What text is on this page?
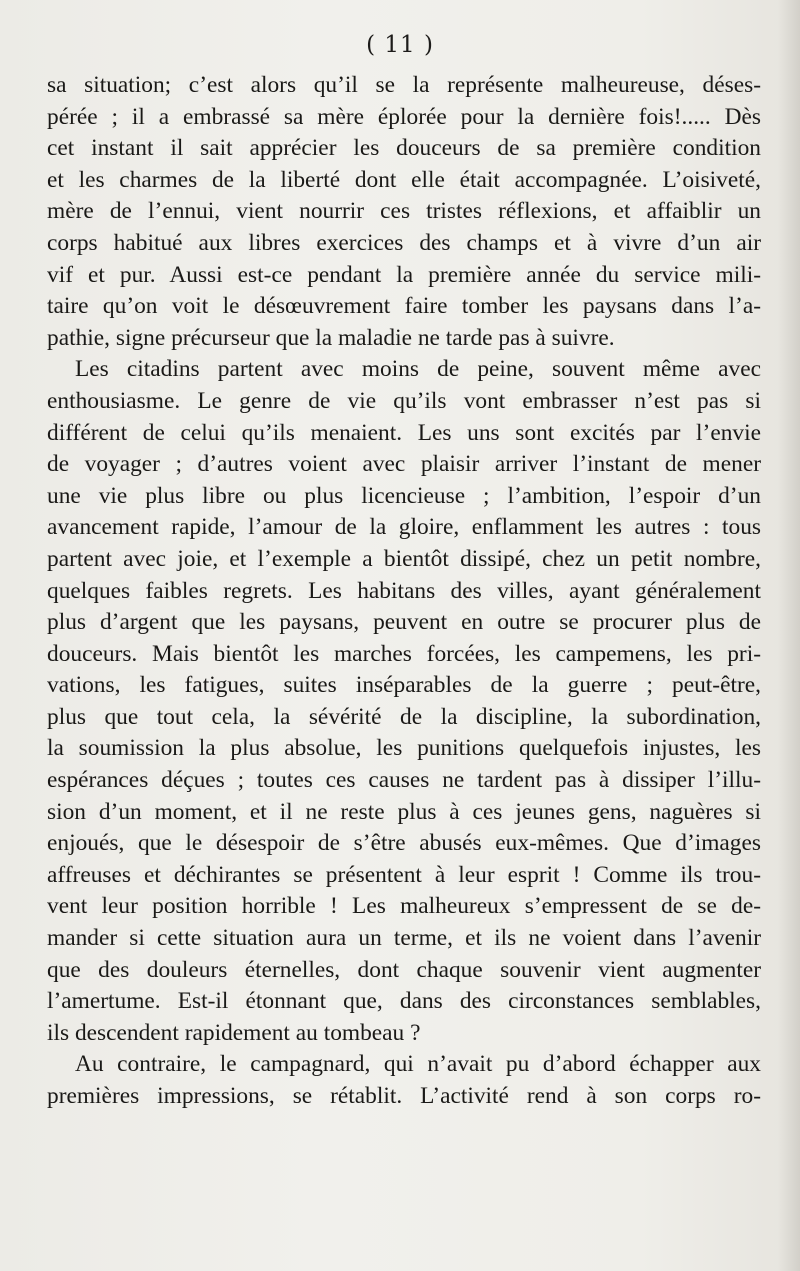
( 11 )
sa situation; c’est alors qu’il se la représente malheureuse, déses-
pérée ; il a embrassé sa mère éplorée pour la dernière fois!..... Dès
cet instant il sait apprécier les douceurs de sa première condition
et les charmes de la liberté dont elle était accompagnée. L’oisiveté,
mère de l’ennui, vient nourrir ces tristes réflexions, et affaiblir un
corps habitué aux libres exercices des champs et à vivre d’un air
vif et pur. Aussi est-ce pendant la première année du service mili-
taire qu’on voit le désœuvrement faire tomber les paysans dans l’a-
pathie, signe précurseur que la maladie ne tarde pas à suivre.
Les citadins partent avec moins de peine, souvent même avec
enthousiasme. Le genre de vie qu’ils vont embrasser n’est pas si
différent de celui qu’ils menaient. Les uns sont excités par l’envie
de voyager ; d’autres voient avec plaisir arriver l’instant de mener
une vie plus libre ou plus licencieuse ; l’ambition, l’espoir d’un
avancement rapide, l’amour de la gloire, enflamment les autres : tous
partent avec joie, et l’exemple a bientôt dissipé, chez un petit nombre,
quelques faibles regrets. Les habitans des villes, ayant généralement
plus d’argent que les paysans, peuvent en outre se procurer plus de
douceurs. Mais bientôt les marches forcées, les campemens, les pri-
vations, les fatigues, suites inséparables de la guerre ; peut-être,
plus que tout cela, la sévérité de la discipline, la subordination,
la soumission la plus absolue, les punitions quelquefois injustes, les
espérances déçues ; toutes ces causes ne tardent pas à dissiper l’illu-
sion d’un moment, et il ne reste plus à ces jeunes gens, naguères si
enjoués, que le désespoir de s’être abusés eux-mêmes. Que d’images
affreuses et déchirantes se présentent à leur esprit ! Comme ils trou-
vent leur position horrible ! Les malheureux s’empressent de se de-
mander si cette situation aura un terme, et ils ne voient dans l’avenir
que des douleurs éternelles, dont chaque souvenir vient augmenter
l’amertume. Est-il étonnant que, dans des circonstances semblables,
ils descendent rapidement au tombeau ?
Au contraire, le campagnard, qui n’avait pu d’abord échapper aux
premières impressions, se rétablit. L’activité rend à son corps ro-
